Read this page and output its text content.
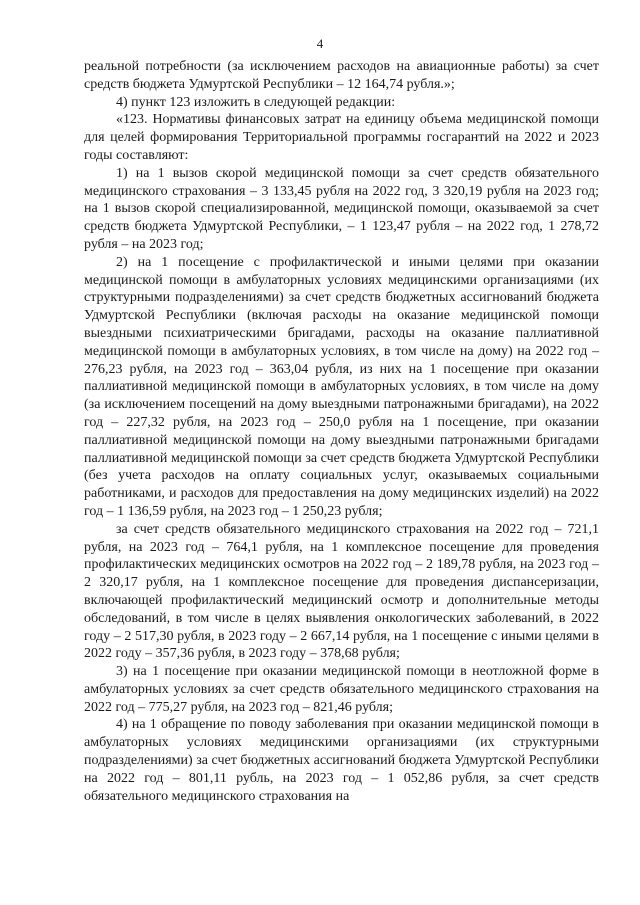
4

реальной потребности (за исключением расходов на авиационные работы) за счет средств бюджета Удмуртской Республики – 12 164,74 рубля.»;

4) пункт 123 изложить в следующей редакции:

«123. Нормативы финансовых затрат на единицу объема медицинской помощи для целей формирования Территориальной программы госгарантий на 2022 и 2023 годы составляют:

1) на 1 вызов скорой медицинской помощи за счет средств обязательного медицинского страхования – 3 133,45 рубля на 2022 год, 3 320,19 рубля на 2023 год; на 1 вызов скорой специализированной, медицинской помощи, оказываемой за счет средств бюджета Удмуртской Республики, – 1 123,47 рубля – на 2022 год, 1 278,72 рубля – на 2023 год;

2) на 1 посещение с профилактической и иными целями при оказании медицинской помощи в амбулаторных условиях медицинскими организациями (их структурными подразделениями) за счет средств бюджетных ассигнований бюджета Удмуртской Республики (включая расходы на оказание медицинской помощи выездными психиатрическими бригадами, расходы на оказание паллиативной медицинской помощи в амбулаторных условиях, в том числе на дому) на 2022 год – 276,23 рубля, на 2023 год – 363,04 рубля, из них на 1 посещение при оказании паллиативной медицинской помощи в амбулаторных условиях, в том числе на дому (за исключением посещений на дому выездными патронажными бригадами), на 2022 год – 227,32 рубля, на 2023 год – 250,0 рубля на 1 посещение, при оказании паллиативной медицинской помощи на дому выездными патронажными бригадами паллиативной медицинской помощи за счет средств бюджета Удмуртской Республики (без учета расходов на оплату социальных услуг, оказываемых социальными работниками, и расходов для предоставления на дому медицинских изделий) на 2022 год – 1 136,59 рубля, на 2023 год – 1 250,23 рубля;

за счет средств обязательного медицинского страхования на 2022 год – 721,1 рубля, на 2023 год – 764,1 рубля, на 1 комплексное посещение для проведения профилактических медицинских осмотров на 2022 год – 2 189,78 рубля, на 2023 год – 2 320,17 рубля, на 1 комплексное посещение для проведения диспансеризации, включающей профилактический медицинский осмотр и дополнительные методы обследований, в том числе в целях выявления онкологических заболеваний, в 2022 году – 2 517,30 рубля, в 2023 году – 2 667,14 рубля, на 1 посещение с иными целями в 2022 году – 357,36 рубля, в 2023 году – 378,68 рубля;

3) на 1 посещение при оказании медицинской помощи в неотложной форме в амбулаторных условиях за счет средств обязательного медицинского страхования на 2022 год – 775,27 рубля, на 2023 год – 821,46 рубля;

4) на 1 обращение по поводу заболевания при оказании медицинской помощи в амбулаторных условиях медицинскими организациями (их структурными подразделениями) за счет бюджетных ассигнований бюджета Удмуртской Республики на 2022 год – 801,11 рубль, на 2023 год – 1 052,86 рубля, за счет средств обязательного медицинского страхования на
